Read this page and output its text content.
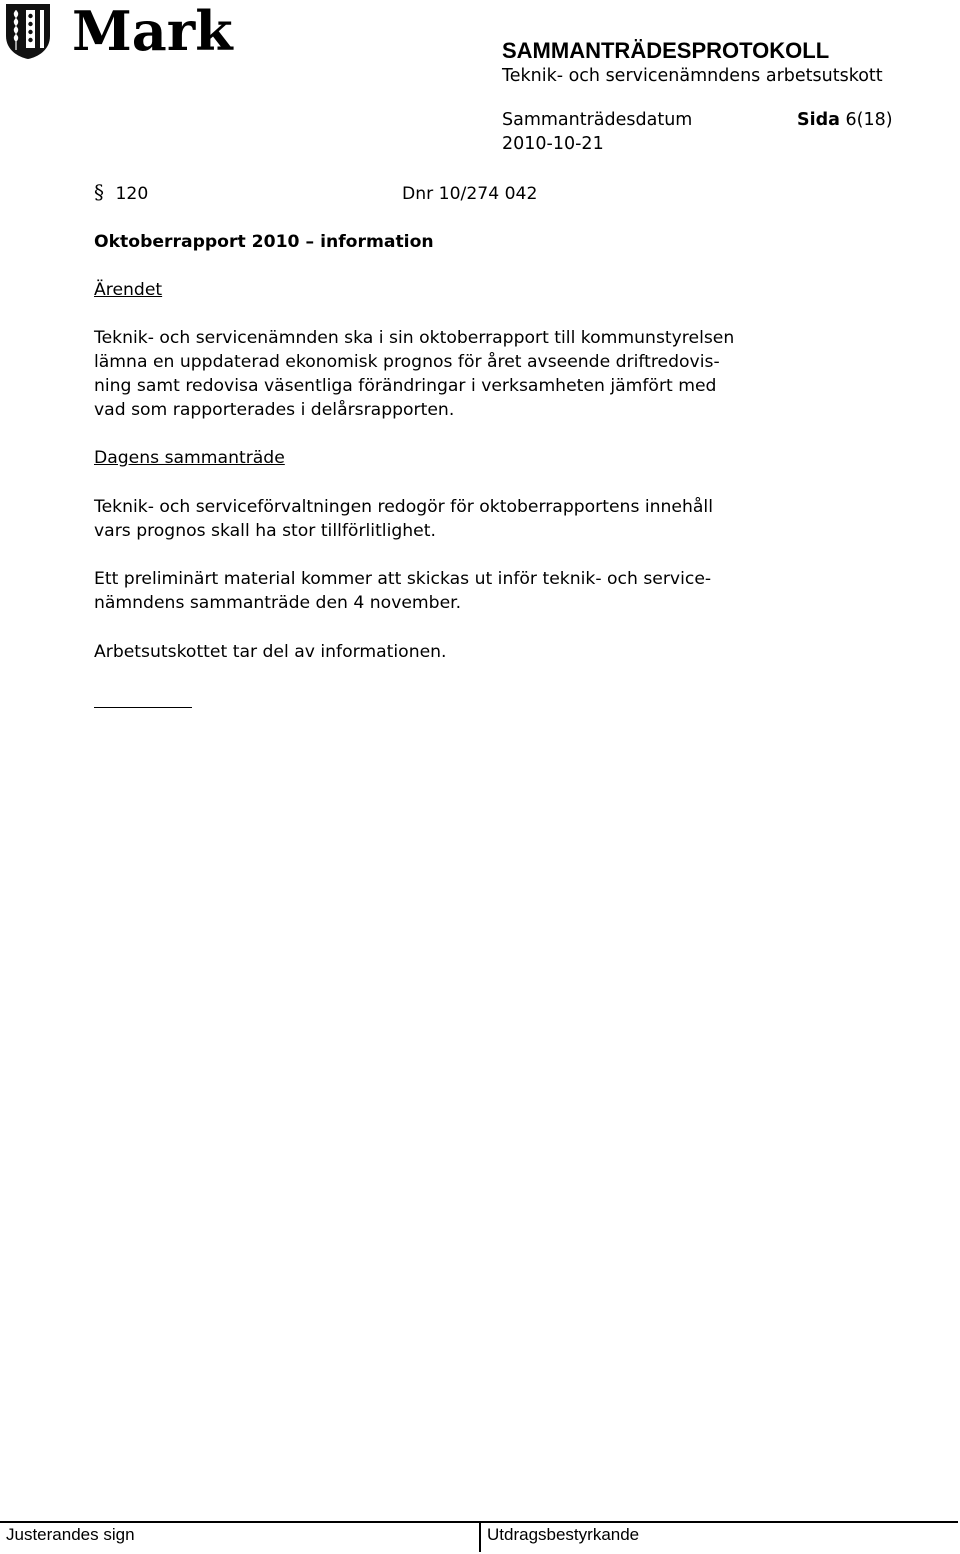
Mark	SAMMANTRÄDESPROTOKOLL
Teknik- och servicenämndens arbetsutskott
Sammanträdesdatum	Sida 6(18)
2010-10-21
§ 120	Dnr 10/274 042
Oktoberrapport 2010 – information
Ärendet
Teknik- och servicenämnden ska i sin oktoberrapport till kommunstyrelsen
lämna en uppdaterad ekonomisk prognos för året avseende driftredovis-
ning samt redovisa väsentliga förändringar i verksamheten jämfört med
vad som rapporterades i delårsrapporten.
Dagens sammanträde
Teknik- och serviceförvaltningen redogör för oktoberrapportens innehåll
vars prognos skall ha stor tillförlitlighet.
Ett preliminärt material kommer att skickas ut inför teknik- och service-
nämndens sammanträde den 4 november.
Arbetsutskottet tar del av informationen.
Justerandes sign	Utdragsbestyrkande
